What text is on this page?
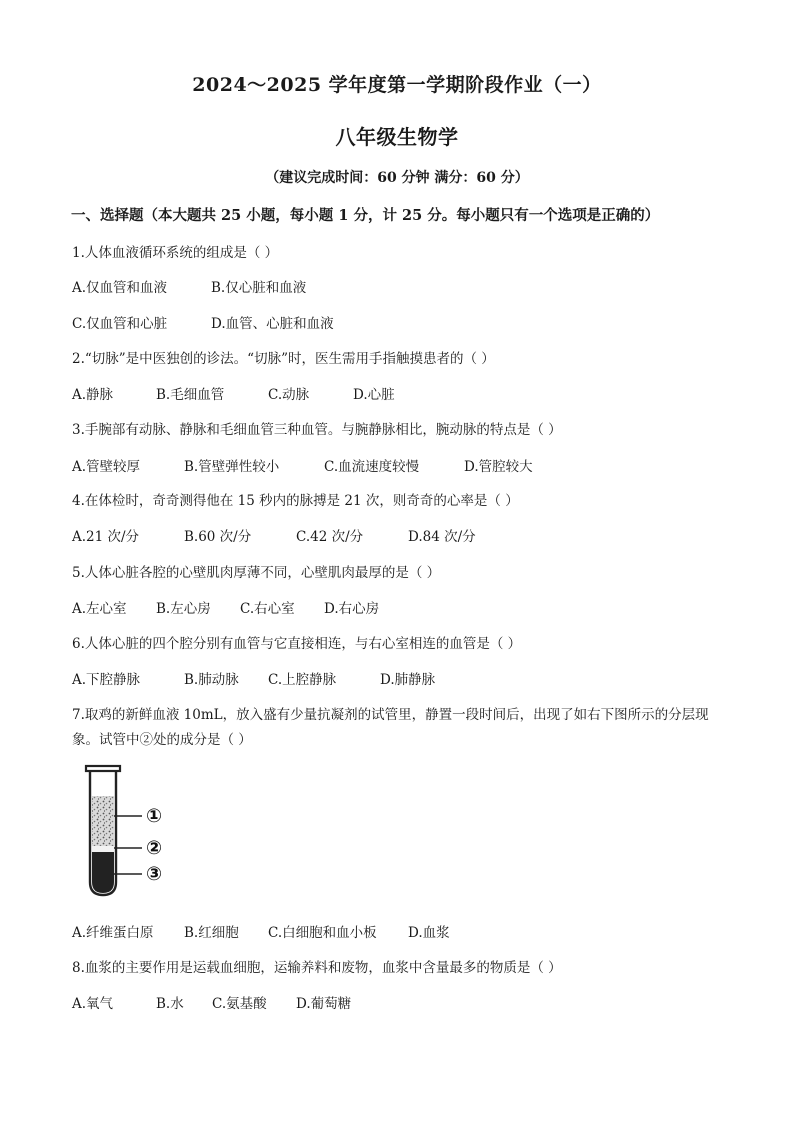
2024～2025 学年度第一学期阶段作业（一）
八年级生物学
（建议完成时间：60 分钟 满分：60 分）
一、选择题（本大题共 25 小题，每小题 1 分，计 25 分。每小题只有一个选项是正确的）
1.人体血液循环系统的组成是（ ）
A.仅血管和血液	B.仅心脏和血液
C.仅血管和心脏	D.血管、心脏和血液
2.“切脉”是中医独创的诊法。“切脉”时，医生需用手指触摸患者的（ ）
A.静脉	B.毛细血管	C.动脉	D.心脏
3.手腕部有动脉、静脉和毛细血管三种血管。与腕静脉相比，腕动脉的特点是（ ）
A.管壁较厚	B.管壁弹性较小	C.血流速度较慢	D.管腔较大
4.在体检时，奇奇测得他在 15 秒内的脉搏是 21 次，则奇奇的心率是（ ）
A.21 次/分	B.60 次/分	C.42 次/分	D.84 次/分
5.人体心脏各腔的心壁肌肉厚薄不同，心壁肌肉最厚的是（ ）
A.左心室 B.左心房 C.右心室 D.右心房
6.人体心脏的四个腔分别有血管与它直接相连，与右心室相连的血管是（ ）
A.下腔静脉	B.肺动脉 C.上腔静脉	D.肺静脉
7.取鸡的新鲜血液 10mL，放入盛有少量抗凝剂的试管里，静置一段时间后，出现了如右下图所示的分层现
象。试管中②处的成分是（ ）
①
②
③
A.纤维蛋白原 B.红细胞 C.白细胞和血小板 D.血浆
8.血浆的主要作用是运载血细胞，运输养料和废物，血浆中含量最多的物质是（ ）
A.氧气	B.水 C.氨基酸 D.葡萄糖
